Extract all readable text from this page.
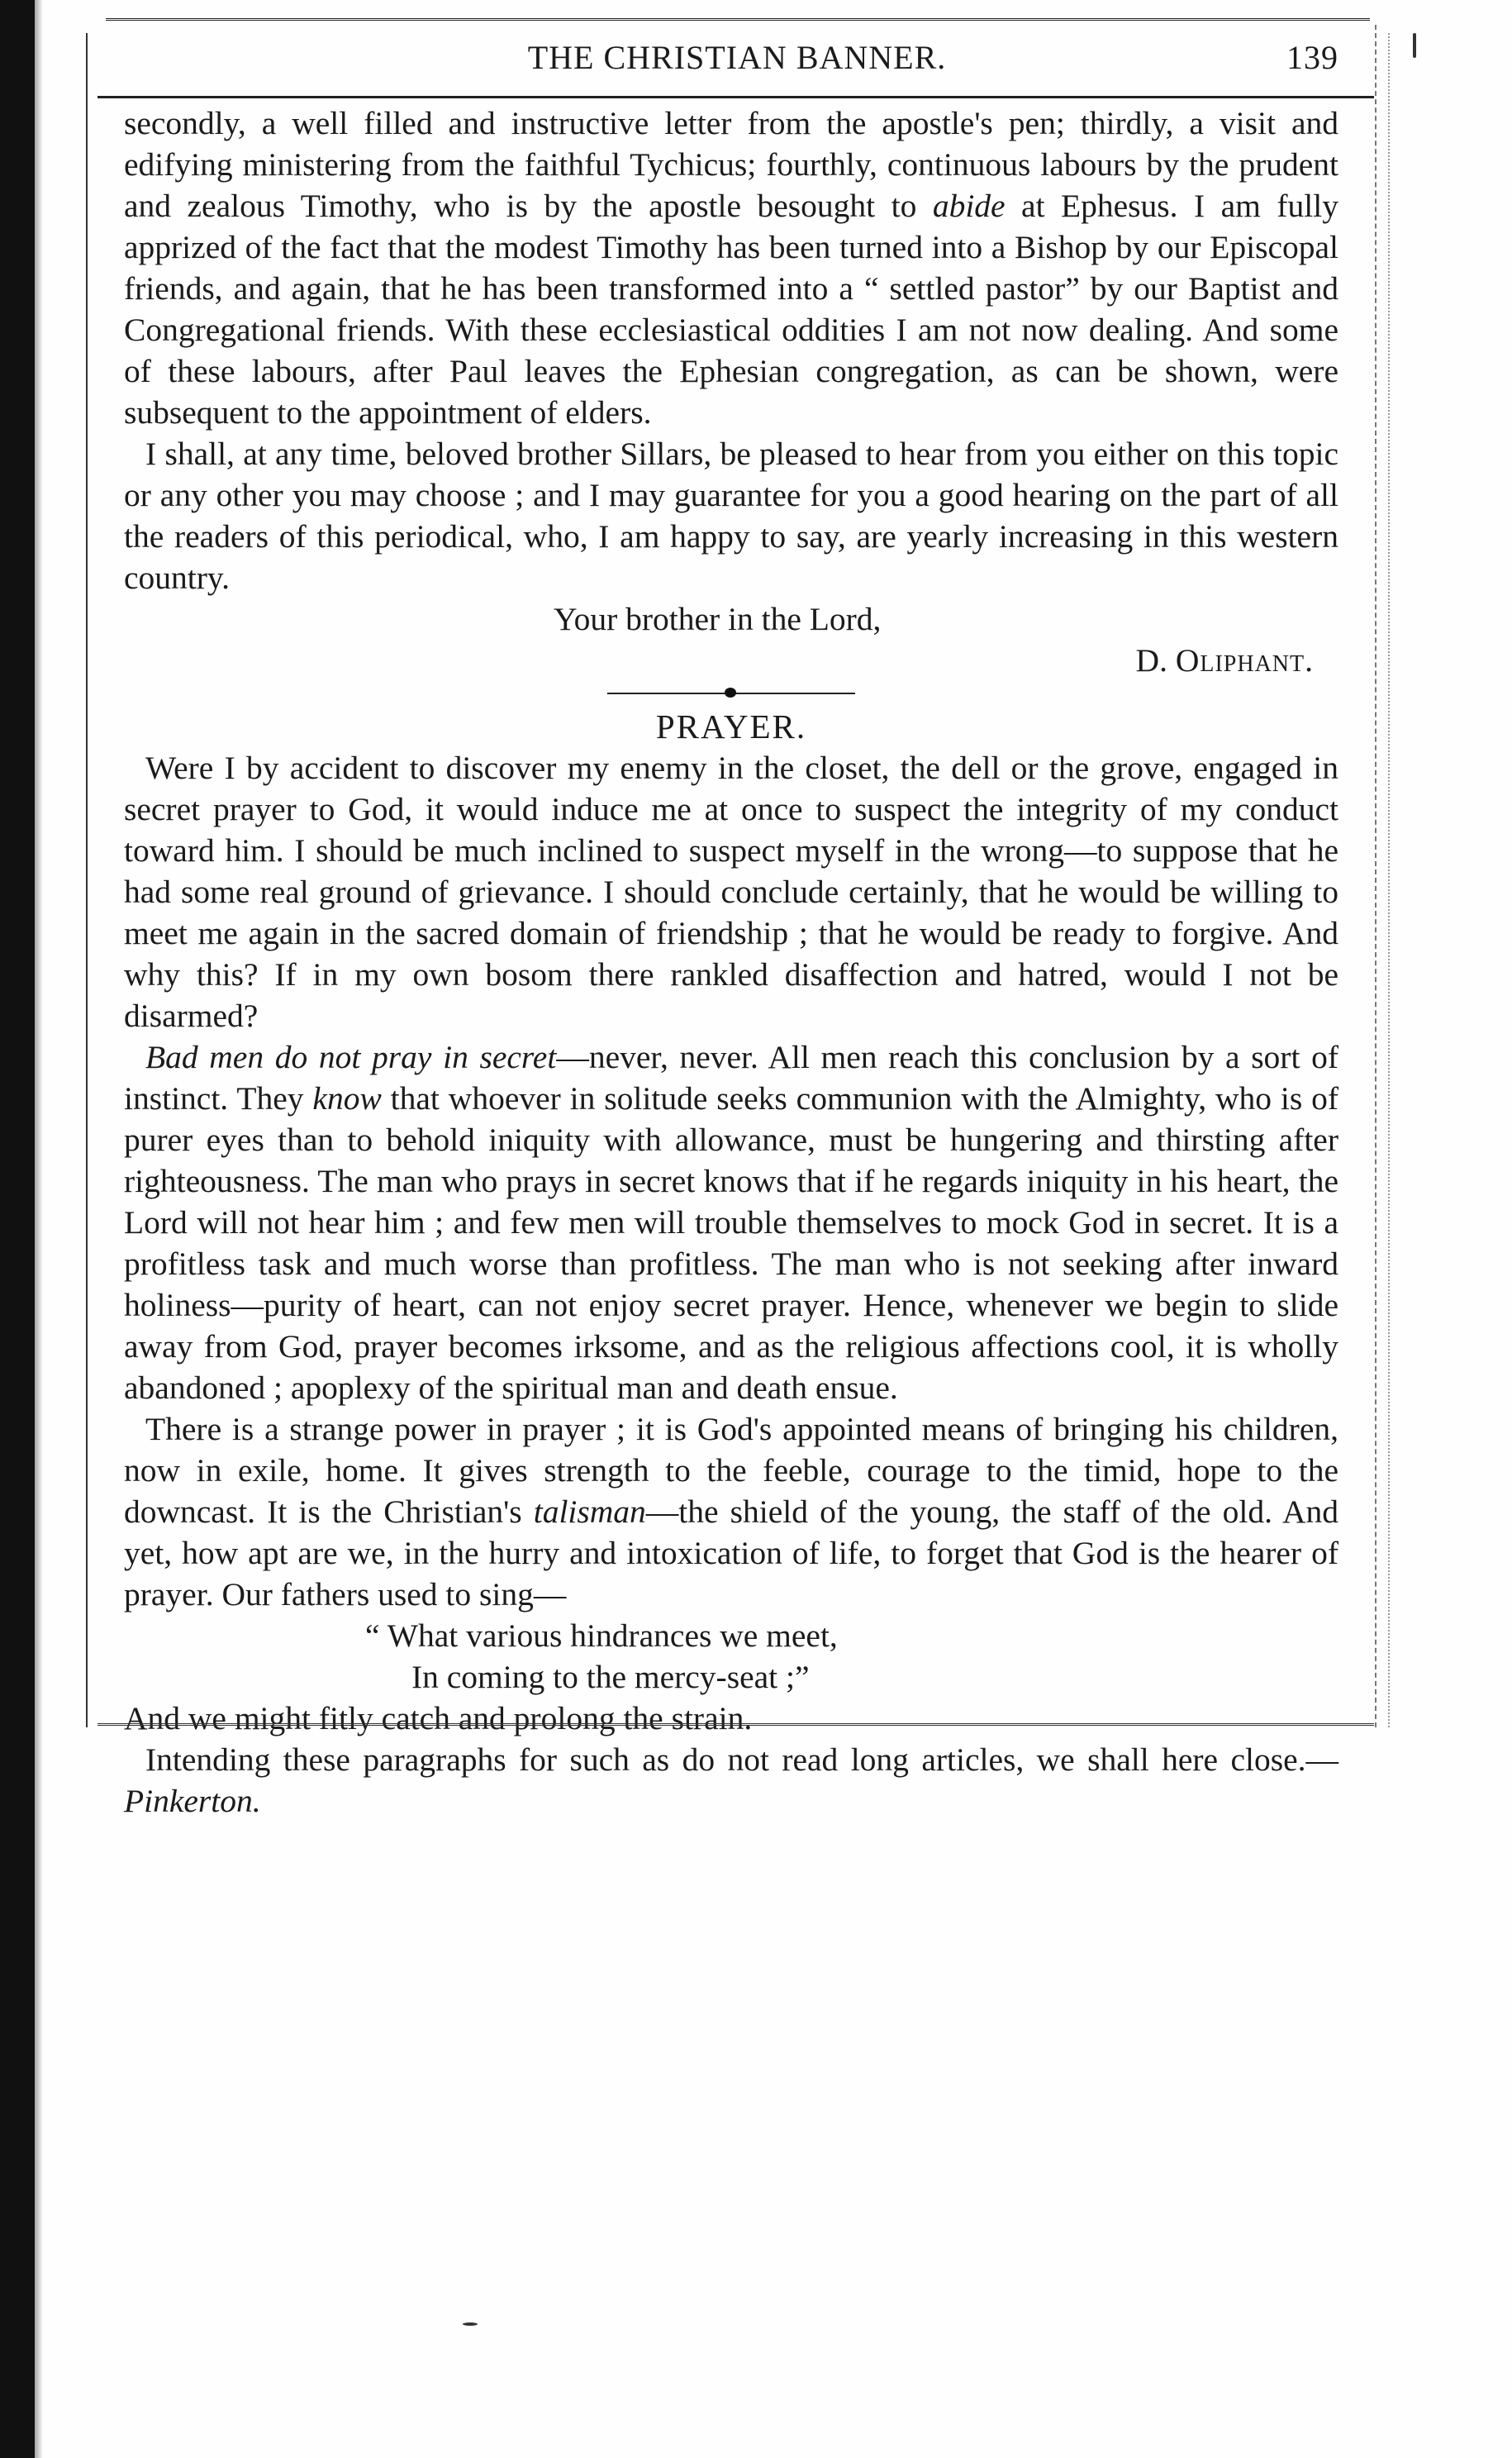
THE CHRISTIAN BANNER.	139

secondly, a well filled and instructive letter from the apostle's pen; thirdly, a visit and edifying ministering from the faithful Tychicus; fourthly, continuous labours by the prudent and zealous Timothy, who is by the apostle besought to abide at Ephesus. I am fully apprized of the fact that the modest Timothy has been turned into a Bishop by our Episcopal friends, and again, that he has been transformed into a “ settled pastor” by our Baptist and Congregational friends. With these ecclesiastical oddities I am not now dealing. And some of these labours, after Paul leaves the Ephesian congregation, as can be shown, were subsequent to the appointment of elders.

I shall, at any time, beloved brother Sillars, be pleased to hear from you either on this topic or any other you may choose ; and I may guarantee for you a good hearing on the part of all the readers of this periodical, who, I am happy to say, are yearly increasing in this western country.

Your brother in the Lord,

D. Oliphant.

PRAYER.

Were I by accident to discover my enemy in the closet, the dell or the grove, engaged in secret prayer to God, it would induce me at once to suspect the integrity of my conduct toward him. I should be much inclined to suspect myself in the wrong—to suppose that he had some real ground of grievance. I should conclude certainly, that he would be willing to meet me again in the sacred domain of friendship ; that he would be ready to forgive. And why this? If in my own bosom there rankled disaffection and hatred, would I not be disarmed?

Bad men do not pray in secret—never, never. All men reach this conclusion by a sort of instinct. They know that whoever in solitude seeks communion with the Almighty, who is of purer eyes than to behold iniquity with allowance, must be hungering and thirsting after righteousness. The man who prays in secret knows that if he regards iniquity in his heart, the Lord will not hear him ; and few men will trouble themselves to mock God in secret. It is a profitless task and much worse than profitless. The man who is not seeking after inward holiness—purity of heart, can not enjoy secret prayer. Hence, whenever we begin to slide away from God, prayer becomes irksome, and as the religious affections cool, it is wholly abandoned ; apoplexy of the spiritual man and death ensue.

There is a strange power in prayer ; it is God's appointed means of bringing his children, now in exile, home. It gives strength to the feeble, courage to the timid, hope to the downcast. It is the Christian's talisman—the shield of the young, the staff of the old. And yet, how apt are we, in the hurry and intoxication of life, to forget that God is the hearer of prayer. Our fathers used to sing—

“ What various hindrances we meet,

In coming to the mercy-seat ;”

And we might fitly catch and prolong the strain.

Intending these paragraphs for such as do not read long articles, we shall here close.—Pinkerton.
